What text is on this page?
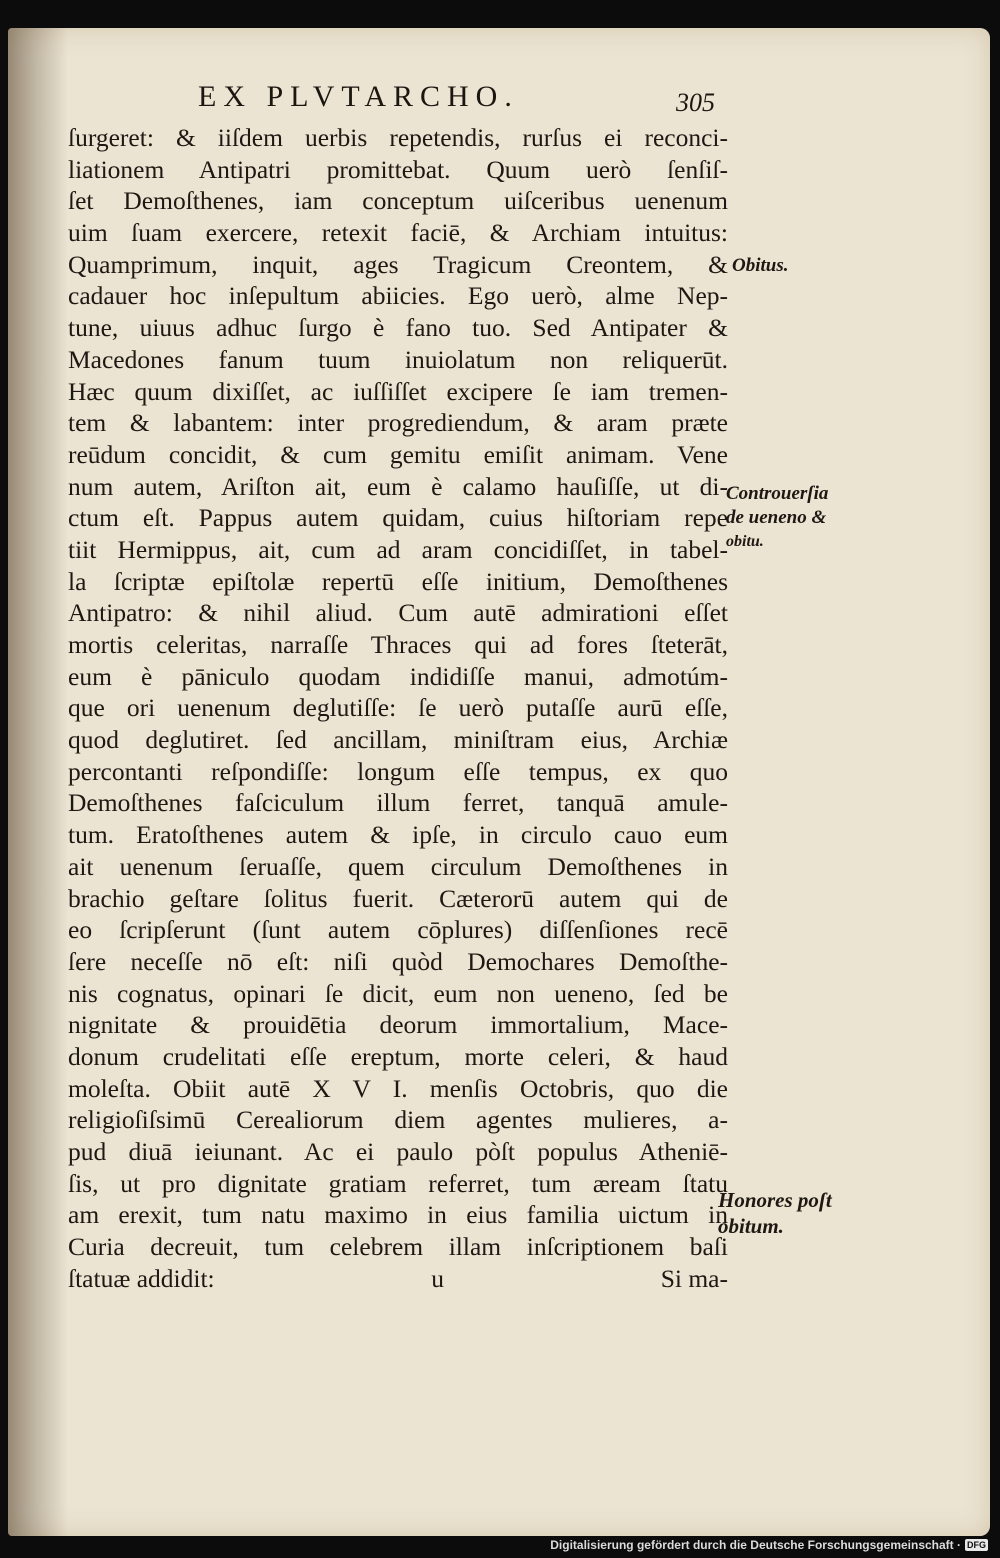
EX PLVTARCHO.	305
ſurgeret: & iiſdem uerbis repetendis, rurſus ei reconci-
liationem Antipatri promittebat. Quum uerò ſenſiſ-
ſet Demoſthenes, iam conceptum uiſceribus uenenum
uim ſuam exercere, retexit faciē, & Archiam intuitus:
Quamprimum, inquit, ages Tragicum Creontem, &
cadauer hoc inſepultum abiicies. Ego uerò, alme Nep-
tune, uiuus adhuc ſurgo è fano tuo. Sed Antipater &
Macedones fanum tuum inuiolatum non reliquerūt.
Hæc quum dixiſſet, ac iuſſiſſet excipere ſe iam tremen-
tem & labantem: inter progrediendum, & aram præte
reūdum concidit, & cum gemitu emiſit animam. Vene
num autem, Ariſton ait, eum è calamo hauſiſſe, ut di-
ctum eſt. Pappus autem quidam, cuius hiſtoriam repe
tiit Hermippus, ait, cum ad aram concidiſſet, in tabel-
la ſcriptæ epiſtolæ repertū eſſe initium, Demoſthenes
Antipatro: & nihil aliud. Cum autē admirationi eſſet
mortis celeritas, narraſſe Thraces qui ad fores ſteterāt,
eum è pāniculo quodam indidiſſe manui, admotúm-
que ori uenenum deglutiſſe: ſe uerò putaſſe aurū eſſe,
quod deglutiret. ſed ancillam, miniſtram eius, Archiæ
percontanti reſpondiſſe: longum eſſe tempus, ex quo
Demoſthenes faſciculum illum ferret, tanquā amule-
tum. Eratoſthenes autem & ipſe, in circulo cauo eum
ait uenenum ſeruaſſe, quem circulum Demoſthenes in
brachio geſtare ſolitus fuerit. Cæterorū autem qui de
eo ſcripſerunt (ſunt autem cōplures) diſſenſiones recē
ſere neceſſe nō eſt: niſi quòd Demochares Demoſthe-
nis cognatus, opinari ſe dicit, eum non ueneno, ſed be
nignitate & prouidētia deorum immortalium, Mace-
donum crudelitati eſſe ereptum, morte celeri, & haud
moleſta. Obiit autē X V I. menſis Octobris, quo die
religioſiſsimū Cerealiorum diem agentes mulieres, a-
pud diuā ieiunant. Ac ei paulo pòſt populus Atheniē-
ſis, ut pro dignitate gratiam referret, tum æream ſtatu
am erexit, tum natu maximo in eius familia uictum in
Curia decreuit, tum celebrem illam inſcriptionem baſi
ſtatuæ addidit:	u	Si ma-
Obitus.
Controuerſia
de ueneno &
obitu.
Honores poſt
obitum.
Digitalisierung gefördert durch die Deutsche Forschungsgemeinschaft · DFG
